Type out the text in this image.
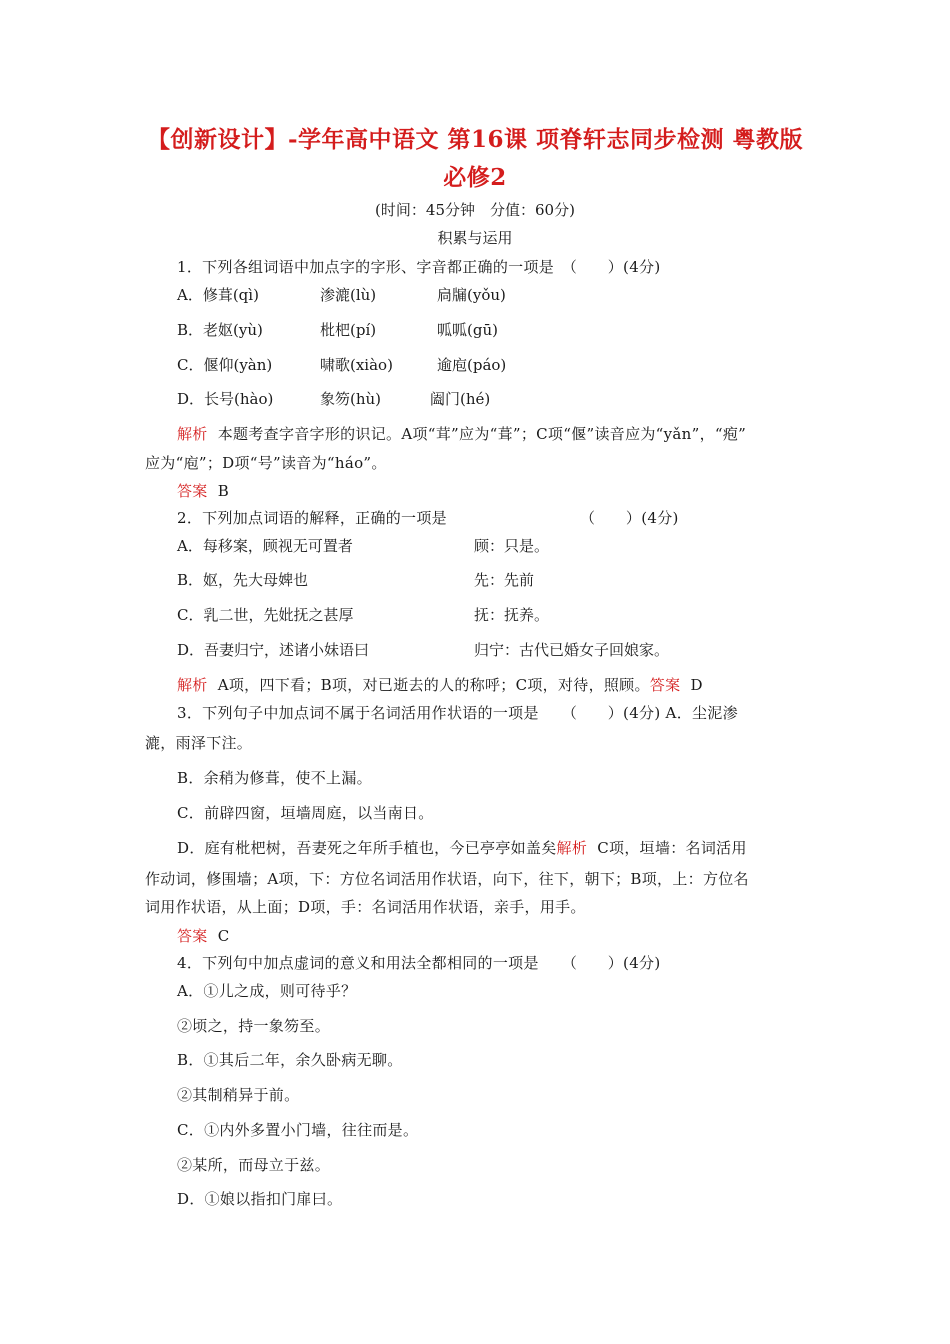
【创新设计】-学年高中语文 第16课 项脊轩志同步检测 粤教版
必修2
(时间：45分钟　分值：60分)
积累与运用
1．下列各组词语中加点字的字形、字音都正确的一项是　（　　）(4分)
A．修葺(qì)	渗漉(lù)	扃牖(yǒu)
B．老妪(yù)	枇杷(pí)	呱呱(gū)
C．偃仰(yàn)	啸歌(xiào)	逾庖(páo)
D．长号(hào)	象笏(hù)	阖门(hé)
解析 本题考查字音字形的识记。A项“茸”应为“葺”；C项“偃”读音应为“yǎn”，“疱”
应为“庖”；D项“号”读音为“háo”。
答案 B
2．下列加点词语的解释，正确的一项是	（　　）(4分)
A．每移案，顾视无可置者	顾：只是。
B．妪，先大母婢也	先：先前
C．乳二世，先妣抚之甚厚	抚：抚养。
D．吾妻归宁，述诸小妹语曰	归宁：古代已婚女子回娘家。
解析 A项，四下看；B项，对已逝去的人的称呼；C项，对待，照顾。答案 D
3．下列句子中加点词不属于名词活用作状语的一项是　　（　　）(4分) A．尘泥渗
漉，雨泽下注。
B．余稍为修葺，使不上漏。
C．前辟四窗，垣墙周庭，以当南日。
D．庭有枇杷树，吾妻死之年所手植也，今已亭亭如盖矣解析 C项，垣墙：名词活用
作动词，修围墙；A项，下：方位名词活用作状语，向下，往下，朝下；B项，上：方位名
词用作状语，从上面；D项，手：名词活用作状语，亲手，用手。
答案 C
4．下列句中加点虚词的意义和用法全都相同的一项是　　（　　）(4分)
A．①儿之成，则可待乎？
②顷之，持一象笏至。
B．①其后二年，余久卧病无聊。
②其制稍异于前。
C．①内外多置小门墙，往往而是。
②某所，而母立于兹。
D．①娘以指扣门扉曰。
